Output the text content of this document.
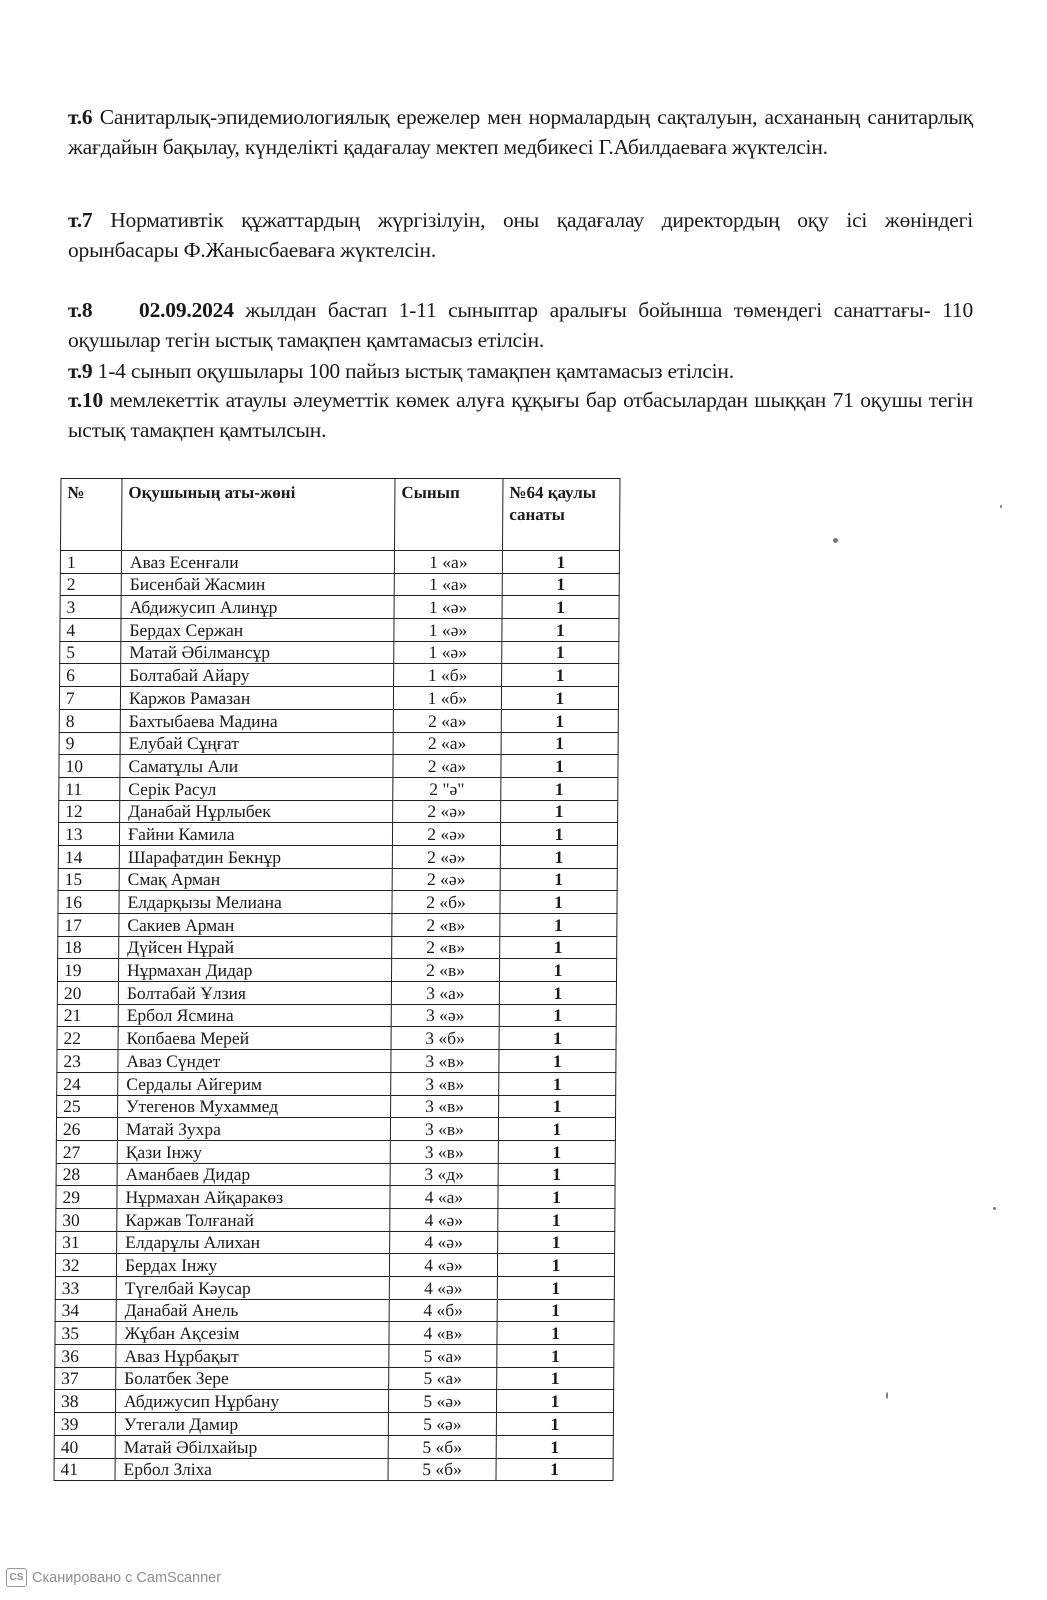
т.6 Санитарлық-эпидемиологиялық ережелер мен нормалардың сақталуын, асхананың санитарлық жағдайын бақылау, күнделікті қадағалау мектеп медбикесі Г.Абилдаеваға жүктелсін.
т.7 Нормативтік құжаттардың жүргізілуін, оны қадағалау директордың оқу ісі жөніндегі орынбасары Ф.Жанысбаеваға жүктелсін.
т.8 02.09.2024 жылдан бастап 1-11 сыныптар аралығы бойынша төмендегі санаттағы- 110 оқушылар тегін ыстық тамақпен қамтамасыз етілсін.
т.9 1-4 сынып оқушылары 100 пайыз ыстық тамақпен қамтамасыз етілсін.
т.10 мемлекеттік атаулы әлеуметтік көмек алуға құқығы бар отбасылардан шыққан 71 оқушы тегін ыстық тамақпен қамтылсын.
№	Оқушының аты-жөні	Сынып	№64 қаулы санаты
1	Аваз Есенғали	1 «а»	1
2	Бисенбай Жасмин	1 «а»	1
3	Абдижусип Алинұр	1 «ә»	1
4	Бердах Сержан	1 «ә»	1
5	Матай Әбілмансұр	1 «ә»	1
6	Болтабай Айару	1 «б»	1
7	Каржов Рамазан	1 «б»	1
8	Бахтыбаева Мадина	2 «а»	1
9	Елубай Сұңғат	2 «а»	1
10	Саматұлы Али	2 «а»	1
11	Серік Расул	2 "ә"	1
12	Данабай Нұрлыбек	2 «ә»	1
13	Ғайни Камила	2 «ә»	1
14	Шарафатдин Бекнұр	2 «ә»	1
15	Смақ Арман	2 «ә»	1
16	Елдарқызы Мелиана	2 «б»	1
17	Сакиев Арман	2 «в»	1
18	Дүйсен Нұрай	2 «в»	1
19	Нұрмахан Дидар	2 «в»	1
20	Болтабай Ұлзия	3 «а»	1
21	Ербол Ясмина	3 «ә»	1
22	Копбаева Мерей	3 «б»	1
23	Аваз Сүндет	3 «в»	1
24	Сердалы Айгерим	3 «в»	1
25	Утегенов Мухаммед	3 «в»	1
26	Матай Зухра	3 «в»	1
27	Қази Інжу	3 «в»	1
28	Аманбаев Дидар	3 «д»	1
29	Нұрмахан Айқаракөз	4 «а»	1
30	Каржав Толғанай	4 «ә»	1
31	Елдарұлы Алихан	4 «ә»	1
32	Бердах Інжу	4 «ә»	1
33	Түгелбай Кәусар	4 «ә»	1
34	Данабай Анель	4 «б»	1
35	Жұбан Ақсезім	4 «в»	1
36	Аваз Нұрбақыт	5 «а»	1
37	Болатбек Зере	5 «а»	1
38	Абдижусип Нұрбану	5 «ә»	1
39	Утегали Дамир	5 «ә»	1
40	Матай Әбілхайыр	5 «б»	1
41	Ербол Зліха	5 «б»	1
CS Сканировано с CamScanner
